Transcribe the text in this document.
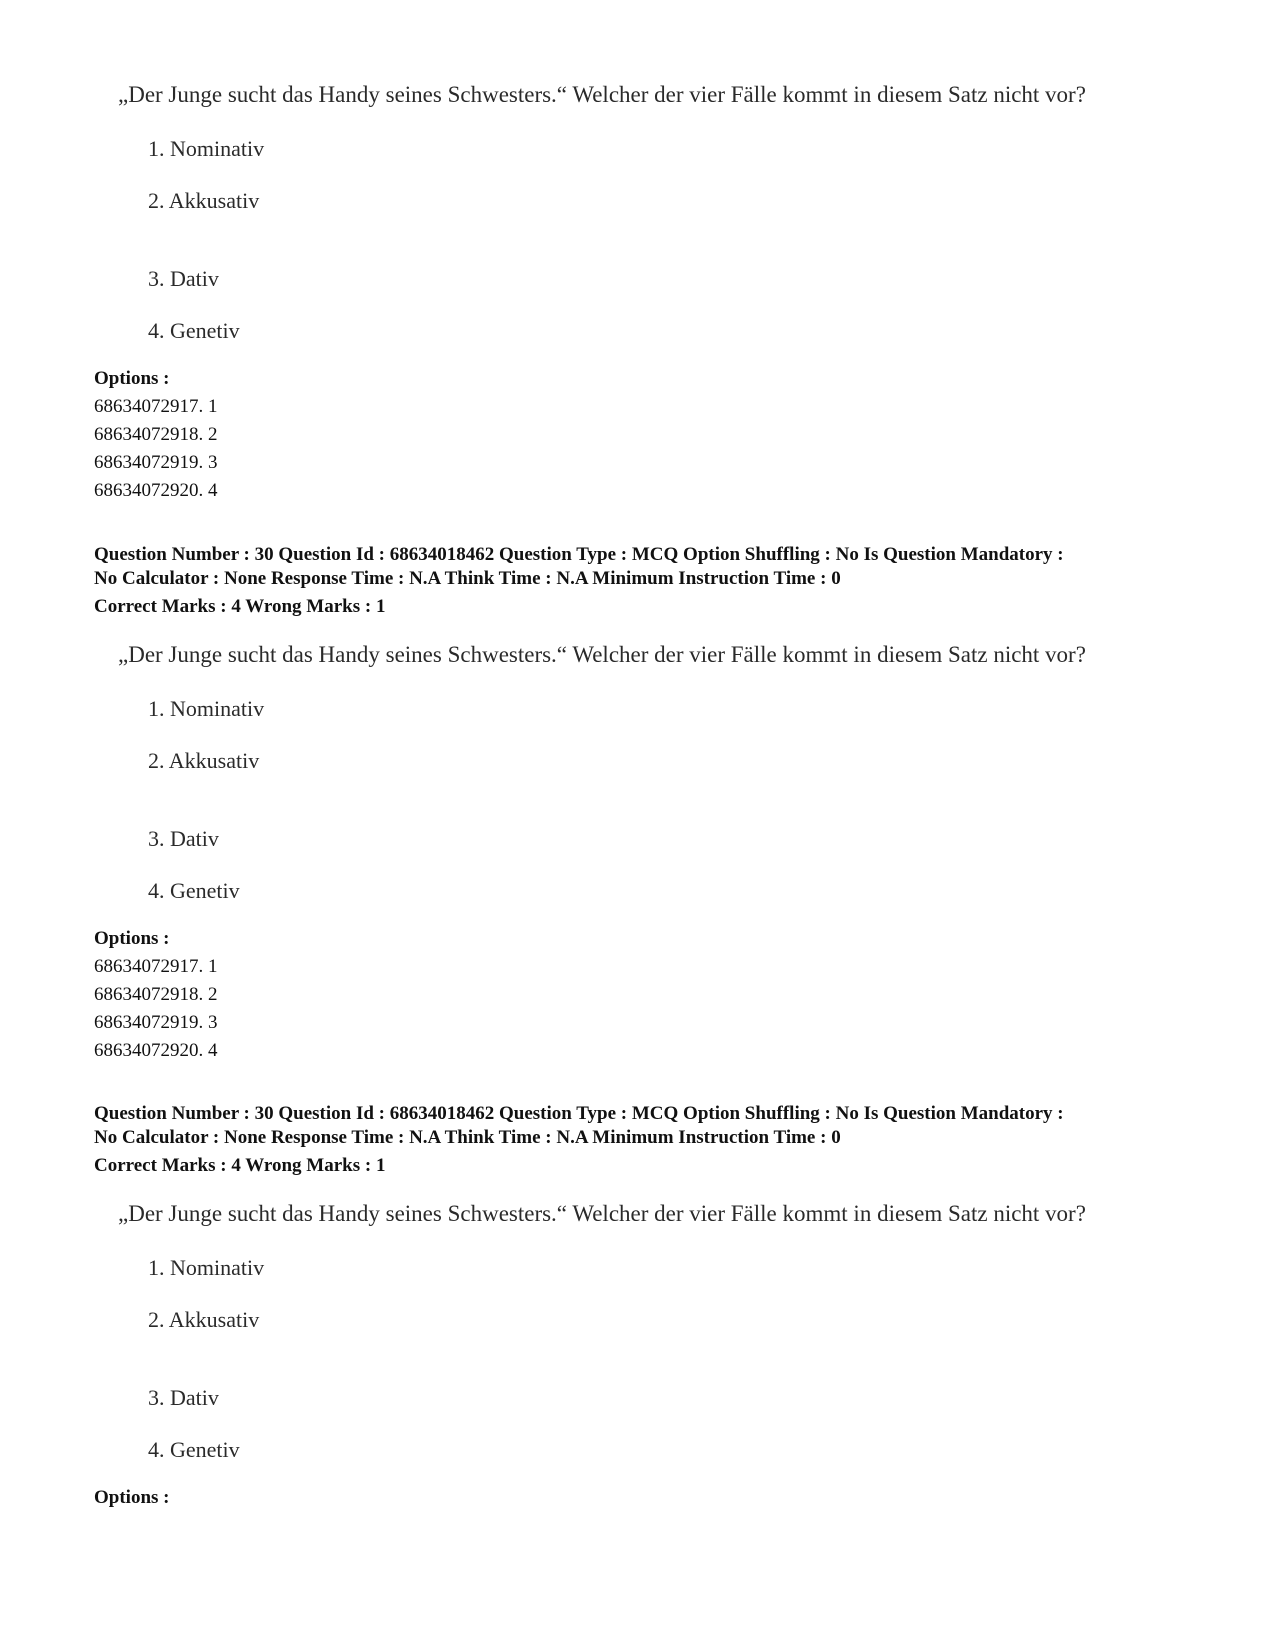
„Der Junge sucht das Handy seines Schwesters.“ Welcher der vier Fälle kommt in diesem Satz nicht vor?
1. Nominativ
2. Akkusativ
3. Dativ
4. Genetiv
Options :
68634072917. 1
68634072918. 2
68634072919. 3
68634072920. 4
Question Number : 30 Question Id : 68634018462 Question Type : MCQ Option Shuffling : No Is Question Mandatory :
No Calculator : None Response Time : N.A Think Time : N.A Minimum Instruction Time : 0
Correct Marks : 4 Wrong Marks : 1
„Der Junge sucht das Handy seines Schwesters.“ Welcher der vier Fälle kommt in diesem Satz nicht vor?
1. Nominativ
2. Akkusativ
3. Dativ
4. Genetiv
Options :
68634072917. 1
68634072918. 2
68634072919. 3
68634072920. 4
Question Number : 30 Question Id : 68634018462 Question Type : MCQ Option Shuffling : No Is Question Mandatory :
No Calculator : None Response Time : N.A Think Time : N.A Minimum Instruction Time : 0
Correct Marks : 4 Wrong Marks : 1
„Der Junge sucht das Handy seines Schwesters.“ Welcher der vier Fälle kommt in diesem Satz nicht vor?
1. Nominativ
2. Akkusativ
3. Dativ
4. Genetiv
Options :
